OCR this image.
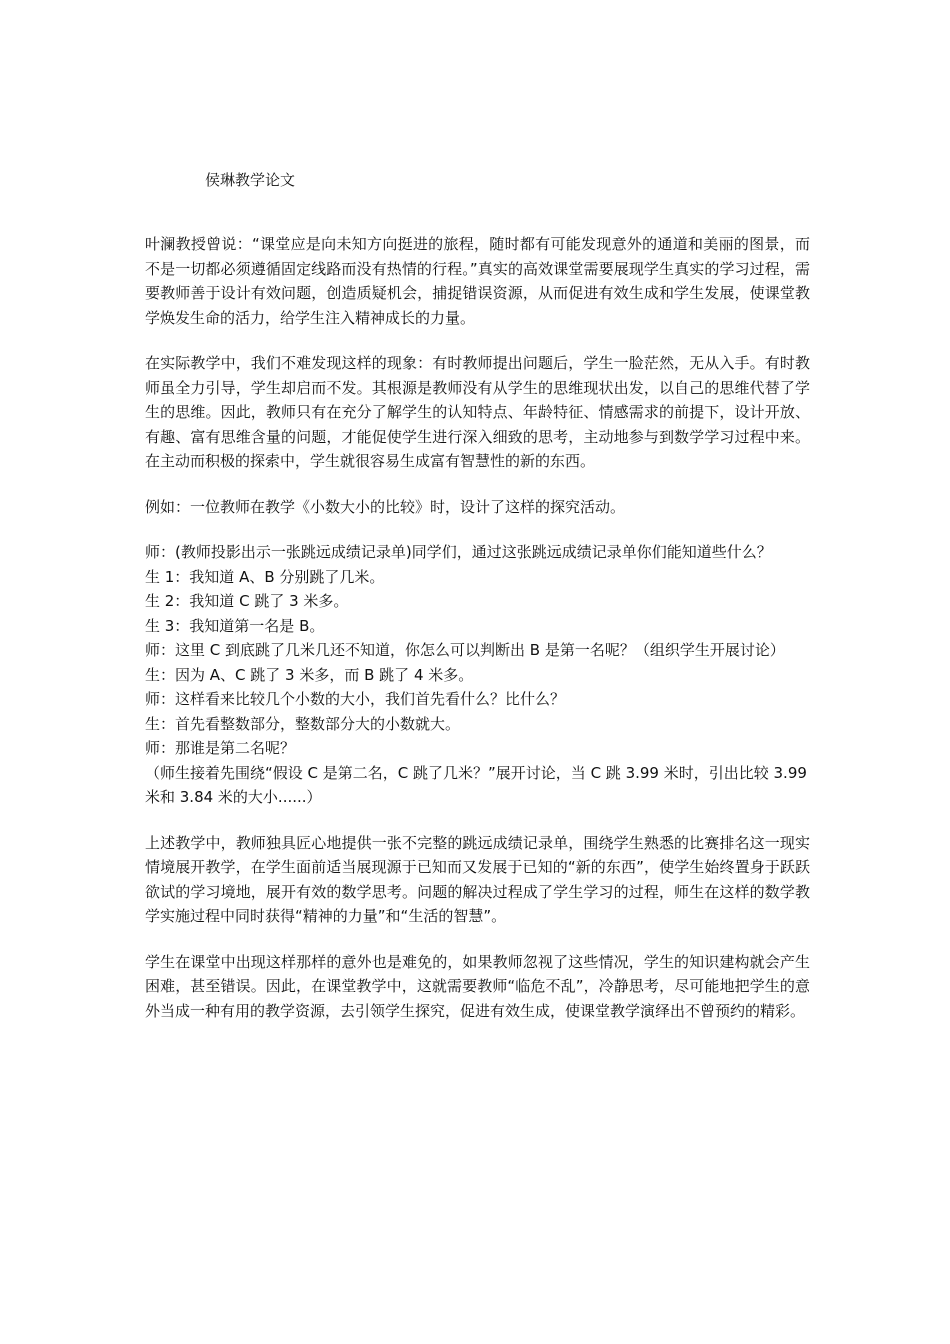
侯琳教学论文

叶澜教授曾说：“课堂应是向未知方向挺进的旅程，随时都有可能发现意外的通道和美丽的图景，而不是一切都必须遵循固定线路而没有热情的行程。”真实的高效课堂需要展现学生真实的学习过程，需要教师善于设计有效问题，创造质疑机会，捕捉错误资源，从而促进有效生成和学生发展，使课堂教学焕发生命的活力，给学生注入精神成长的力量。

在实际教学中，我们不难发现这样的现象：有时教师提出问题后，学生一脸茫然，无从入手。有时教师虽全力引导，学生却启而不发。其根源是教师没有从学生的思维现状出发，以自己的思维代替了学生的思维。因此，教师只有在充分了解学生的认知特点、年龄特征、情感需求的前提下，设计开放、有趣、富有思维含量的问题，才能促使学生进行深入细致的思考，主动地参与到数学学习过程中来。在主动而积极的探索中，学生就很容易生成富有智慧性的新的东西。

例如：一位教师在教学《小数大小的比较》时，设计了这样的探究活动。

师：(教师投影出示一张跳远成绩记录单)同学们，通过这张跳远成绩记录单你们能知道些什么？

生 1：我知道 A、B 分别跳了几米。

生 2：我知道 C 跳了 3 米多。

生 3：我知道第一名是 B。

师：这里 C 到底跳了几米几还不知道，你怎么可以判断出 B 是第一名呢？（组织学生开展讨论）

生：因为 A、C 跳了 3 米多，而 B 跳了 4 米多。

师：这样看来比较几个小数的大小，我们首先看什么？比什么？

生：首先看整数部分，整数部分大的小数就大。

师：那谁是第二名呢？

（师生接着先围绕“假设 C 是第二名，C 跳了几米？”展开讨论，当 C 跳 3.99 米时，引出比较 3.99 米和 3.84 米的大小......）

上述教学中，教师独具匠心地提供一张不完整的跳远成绩记录单，围绕学生熟悉的比赛排名这一现实情境展开教学，在学生面前适当展现源于已知而又发展于已知的“新的东西”，使学生始终置身于跃跃欲试的学习境地，展开有效的数学思考。问题的解决过程成了学生学习的过程，师生在这样的数学教学实施过程中同时获得“精神的力量”和“生活的智慧”。

学生在课堂中出现这样那样的意外也是难免的，如果教师忽视了这些情况，学生的知识建构就会产生困难，甚至错误。因此，在课堂教学中，这就需要教师“临危不乱”，冷静思考，尽可能地把学生的意外当成一种有用的教学资源，去引领学生探究，促进有效生成，使课堂教学演绎出不曾预约的精彩。
